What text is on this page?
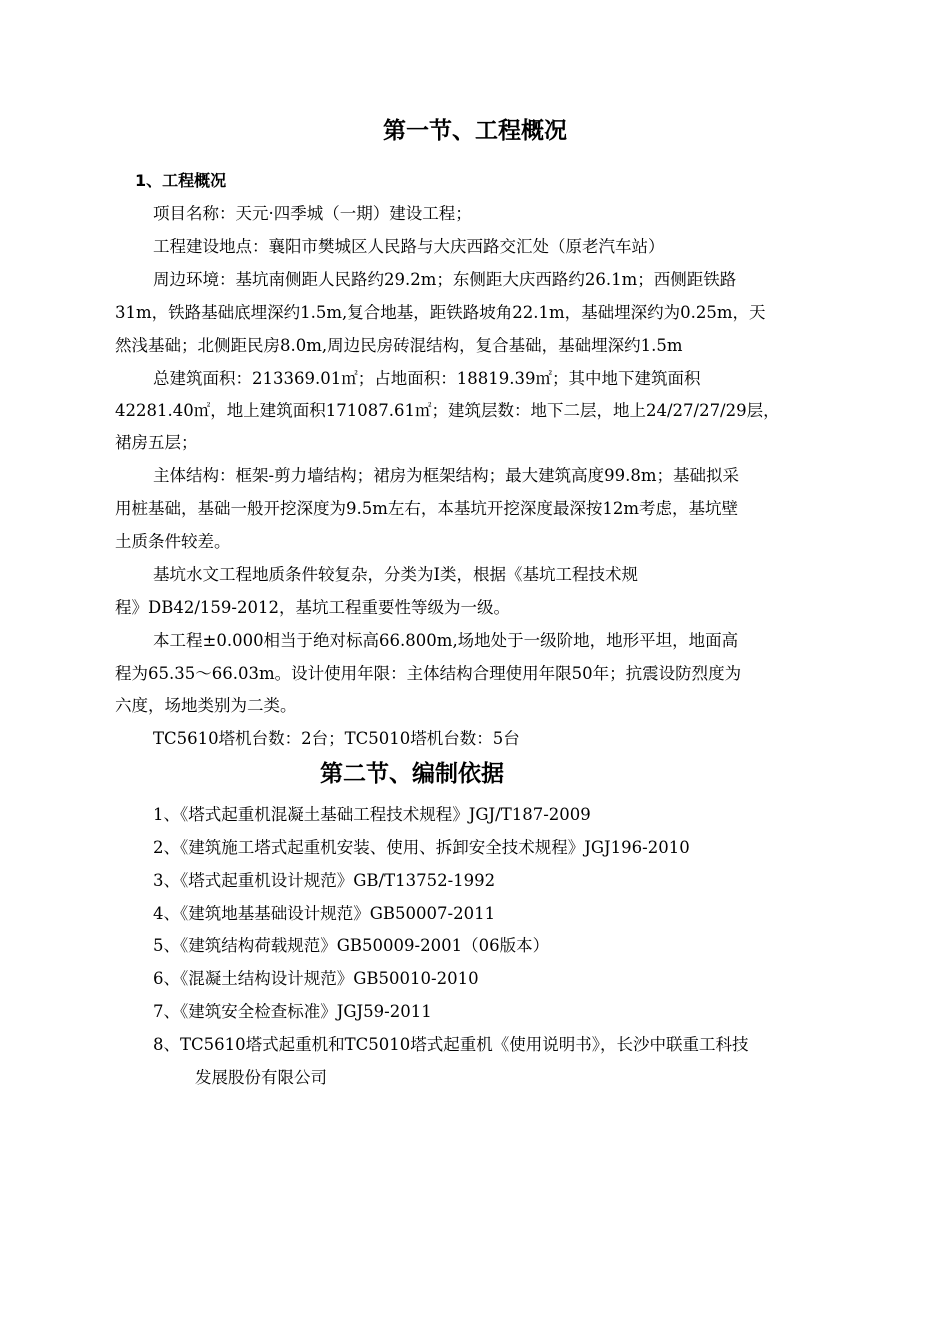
第一节、工程概况
1、工程概况
项目名称：天元·四季城（一期）建设工程；
工程建设地点：襄阳市樊城区人民路与大庆西路交汇处（原老汽车站）
周边环境：基坑南侧距人民路约29.2m；东侧距大庆西路约26.1m；西侧距铁路
31m，铁路基础底埋深约1.5m,复合地基，距铁路坡角22.1m，基础埋深约为0.25m，天
然浅基础；北侧距民房8.0m,周边民房砖混结构，复合基础，基础埋深约1.5m
总建筑面积：213369.01㎡；占地面积：18819.39㎡；其中地下建筑面积
42281.40㎡，地上建筑面积171087.61㎡；建筑层数：地下二层，地上24/27/27/29层，
裙房五层；
主体结构：框架-剪力墙结构；裙房为框架结构；最大建筑高度99.8m；基础拟采
用桩基础，基础一般开挖深度为9.5m左右，本基坑开挖深度最深按12m考虑，基坑壁
土质条件较差。
基坑水文工程地质条件较复杂，分类为Ⅰ类，根据《基坑工程技术规
程》DB42/159-2012，基坑工程重要性等级为一级。
本工程±0.000相当于绝对标高66.800m,场地处于一级阶地，地形平坦，地面高
程为65.35～66.03m。设计使用年限：主体结构合理使用年限50年；抗震设防烈度为
六度，场地类别为二类。
TC5610塔机台数：2台；TC5010塔机台数：5台
第二节、编制依据
1、《塔式起重机混凝土基础工程技术规程》JGJ/T187-2009
2、《建筑施工塔式起重机安装、使用、拆卸安全技术规程》JGJ196-2010
3、《塔式起重机设计规范》GB/T13752-1992
4、《建筑地基基础设计规范》GB50007-2011
5、《建筑结构荷载规范》GB50009-2001（06版本）
6、《混凝土结构设计规范》GB50010-2010
7、《建筑安全检查标准》JGJ59-2011
8、TC5610塔式起重机和TC5010塔式起重机《使用说明书》，长沙中联重工科技
发展股份有限公司
